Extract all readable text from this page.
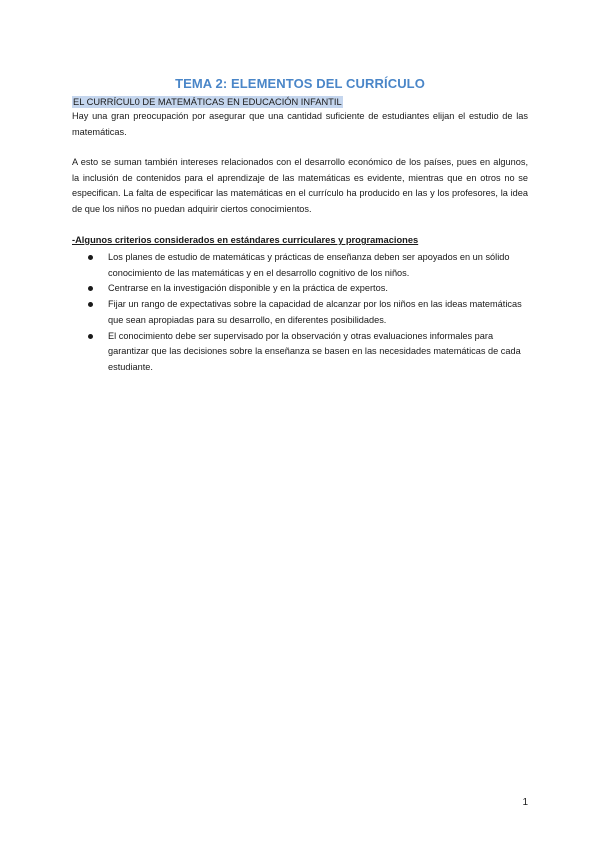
TEMA 2: ELEMENTOS DEL CURRÍCULO
EL CURRÍCUL0 DE MATEMÁTICAS EN EDUCACIÓN INFANTIL
Hay una gran preocupación por asegurar que una cantidad suficiente de estudiantes elijan el estudio de las matemáticas.
A esto se suman también intereses relacionados con el desarrollo económico de los países, pues en algunos, la inclusión de contenidos para el aprendizaje de las matemáticas es evidente, mientras que en otros no se especifican. La falta de especificar las matemáticas en el currículo ha producido en las y los profesores, la idea de que los niños no puedan adquirir ciertos conocimientos.
-Algunos criterios considerados en estándares curriculares y programaciones
Los planes de estudio de matemáticas y prácticas de enseñanza deben ser apoyados en un sólido conocimiento de las matemáticas y en el desarrollo cognitivo de los niños.
Centrarse en la investigación disponible y en la práctica de expertos.
Fijar un rango de expectativas sobre la capacidad de alcanzar por los niños en las ideas matemáticas que sean apropiadas para su desarrollo, en diferentes posibilidades.
El conocimiento debe ser supervisado por la observación y otras evaluaciones informales para garantizar que las decisiones sobre la enseñanza se basen en las necesidades matemáticas de cada estudiante.
1
